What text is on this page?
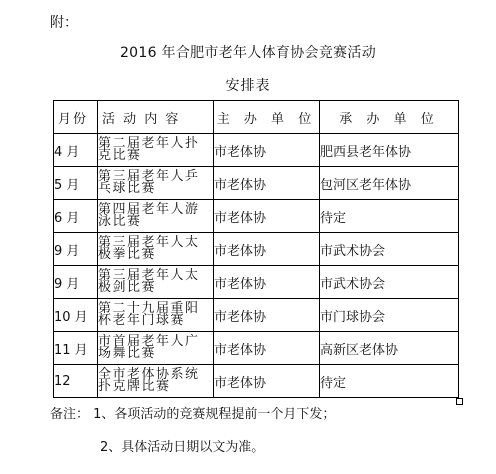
附：
2016 年合肥市老年人体育协会竞赛活动
安排表
月份	活 动 内 容	主 办 单 位	承 办 单 位
4 月	第二届老年人扑克比赛	市老体协	肥西县老年体协
5 月	第三届老年人乒乓球比赛	市老体协	包河区老年体协
6 月	第四届老年人游泳比赛	市老体协	待定
9 月	第三届老年人太极拳比赛	市老体协	市武术协会
9 月	第三届老年人太极剑比赛	市老体协	市武术协会
10 月	第二十九届重阳杯老年门球赛	市老体协	市门球协会
11 月	市首届老年人广场舞比赛	市老体协	高新区老体协
12	全市老体协系统扑克牌比赛	市老体协	待定
备注： 1、各项活动的竞赛规程提前一个月下发；
2、具体活动日期以文为准。
